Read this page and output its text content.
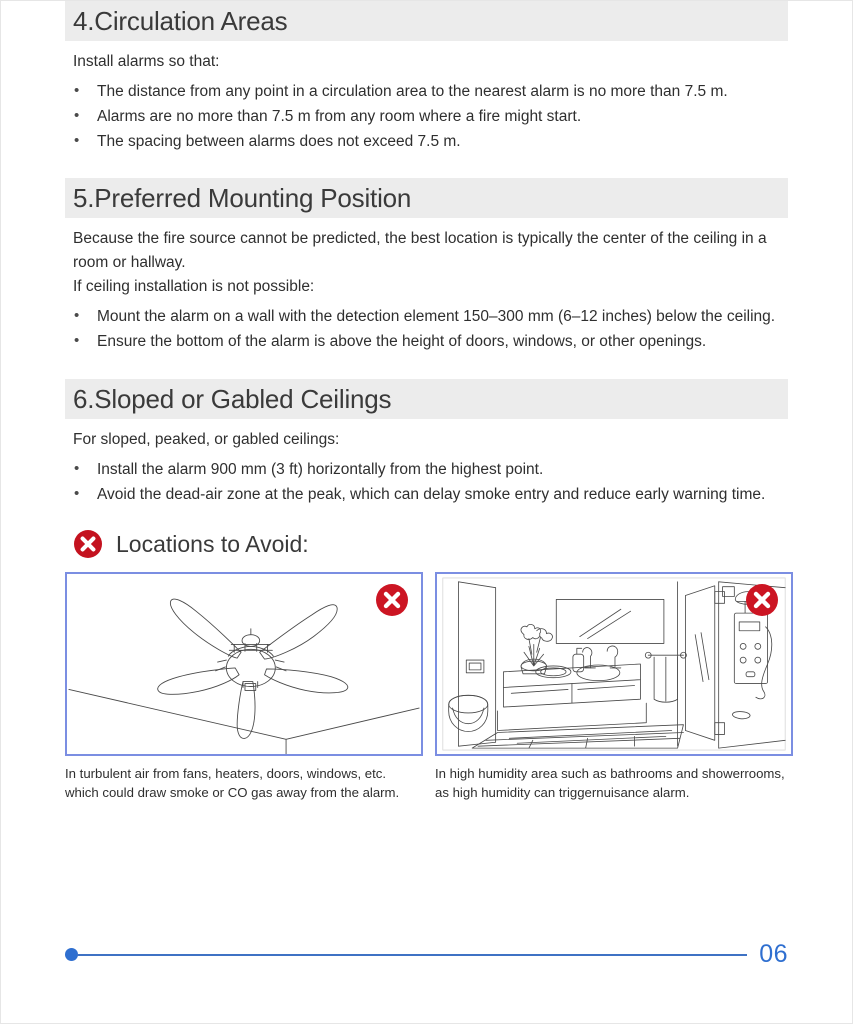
4.Circulation Areas

Install alarms so that:

• The distance from any point in a circulation area to the nearest alarm is no more than 7.5 m.
• Alarms are no more than 7.5 m from any room where a fire might start.
• The spacing between alarms does not exceed 7.5 m.
5.Preferred Mounting Position

Because the fire source cannot be predicted, the best location is typically the center of the ceiling in a room or hallway.

If ceiling installation is not possible:

• Mount the alarm on a wall with the detection element 150–300 mm (6–12 inches) below the ceiling.
• Ensure the bottom of the alarm is above the height of doors, windows, or other openings.
6.Sloped or Gabled Ceilings

For sloped, peaked, or gabled ceilings:

• Install the alarm 900 mm (3 ft) horizontally from the highest point.
• Avoid the dead-air zone at the peak, which can delay smoke entry and reduce early warning time.
Locations to Avoid:

In turbulent air from fans, heaters, doors, windows, etc. which could draw smoke or CO gas away from the alarm.

In high humidity area such as bathrooms and showerrooms, as high humidity can triggernuisance alarm.

06
